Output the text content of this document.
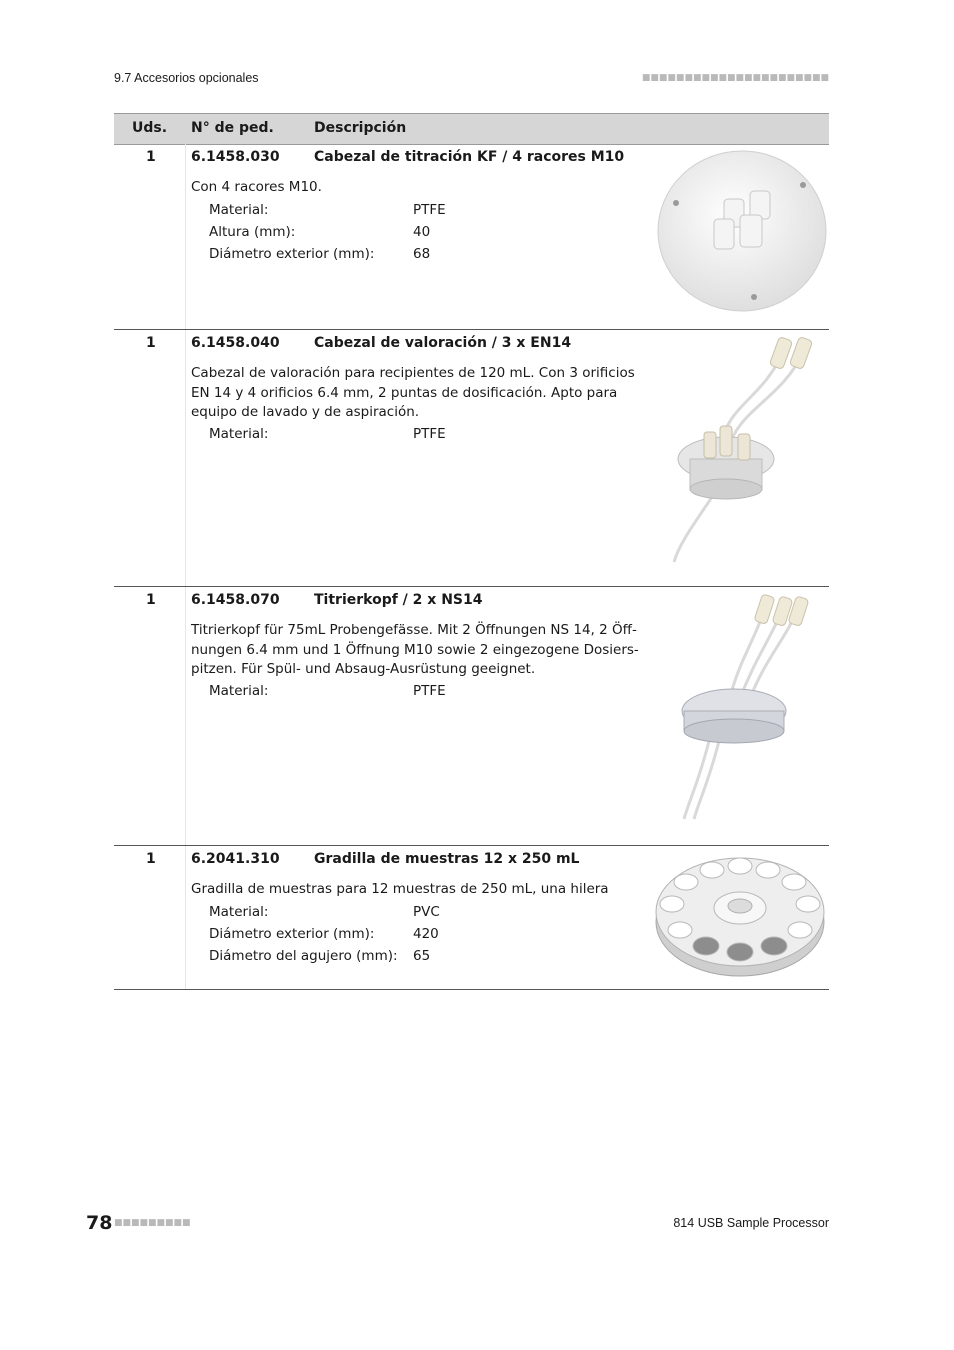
9.7 Accesorios opcionales	■■■■■■■■■■■■■■■■■■■■■■
Uds. N° de ped.	Descripción
1	6.1458.030 Cabezal de titración KF / 4 racores M10
Con 4 racores M10.
Material:	PTFE
Altura (mm):	40
Diámetro exterior (mm):	68
1	6.1458.040 Cabezal de valoración / 3 x EN14
Cabezal de valoración para recipientes de 120 mL. Con 3 orificios EN 14 y 4 orificios 6.4 mm, 2 puntas de dosificación. Apto para equipo de lavado y de aspiración.
Material:	PTFE
1	6.1458.070 Titrierkopf / 2 x NS14
Titrierkopf für 75mL Probengefässe. Mit 2 Öffnungen NS 14, 2 Öff-nungen 6.4 mm und 1 Öffnung M10 sowie 2 eingezogene Dosiers-pitzen. Für Spül- und Absaug-Ausrüstung geeignet.
Material:	PTFE
1	6.2041.310 Gradilla de muestras 12 x 250 mL
Gradilla de muestras para 12 muestras de 250 mL, una hilera
Material:	PVC
Diámetro exterior (mm):	420
Diámetro del agujero (mm): 65
78 ■■■■■■■■■	814 USB Sample Processor
